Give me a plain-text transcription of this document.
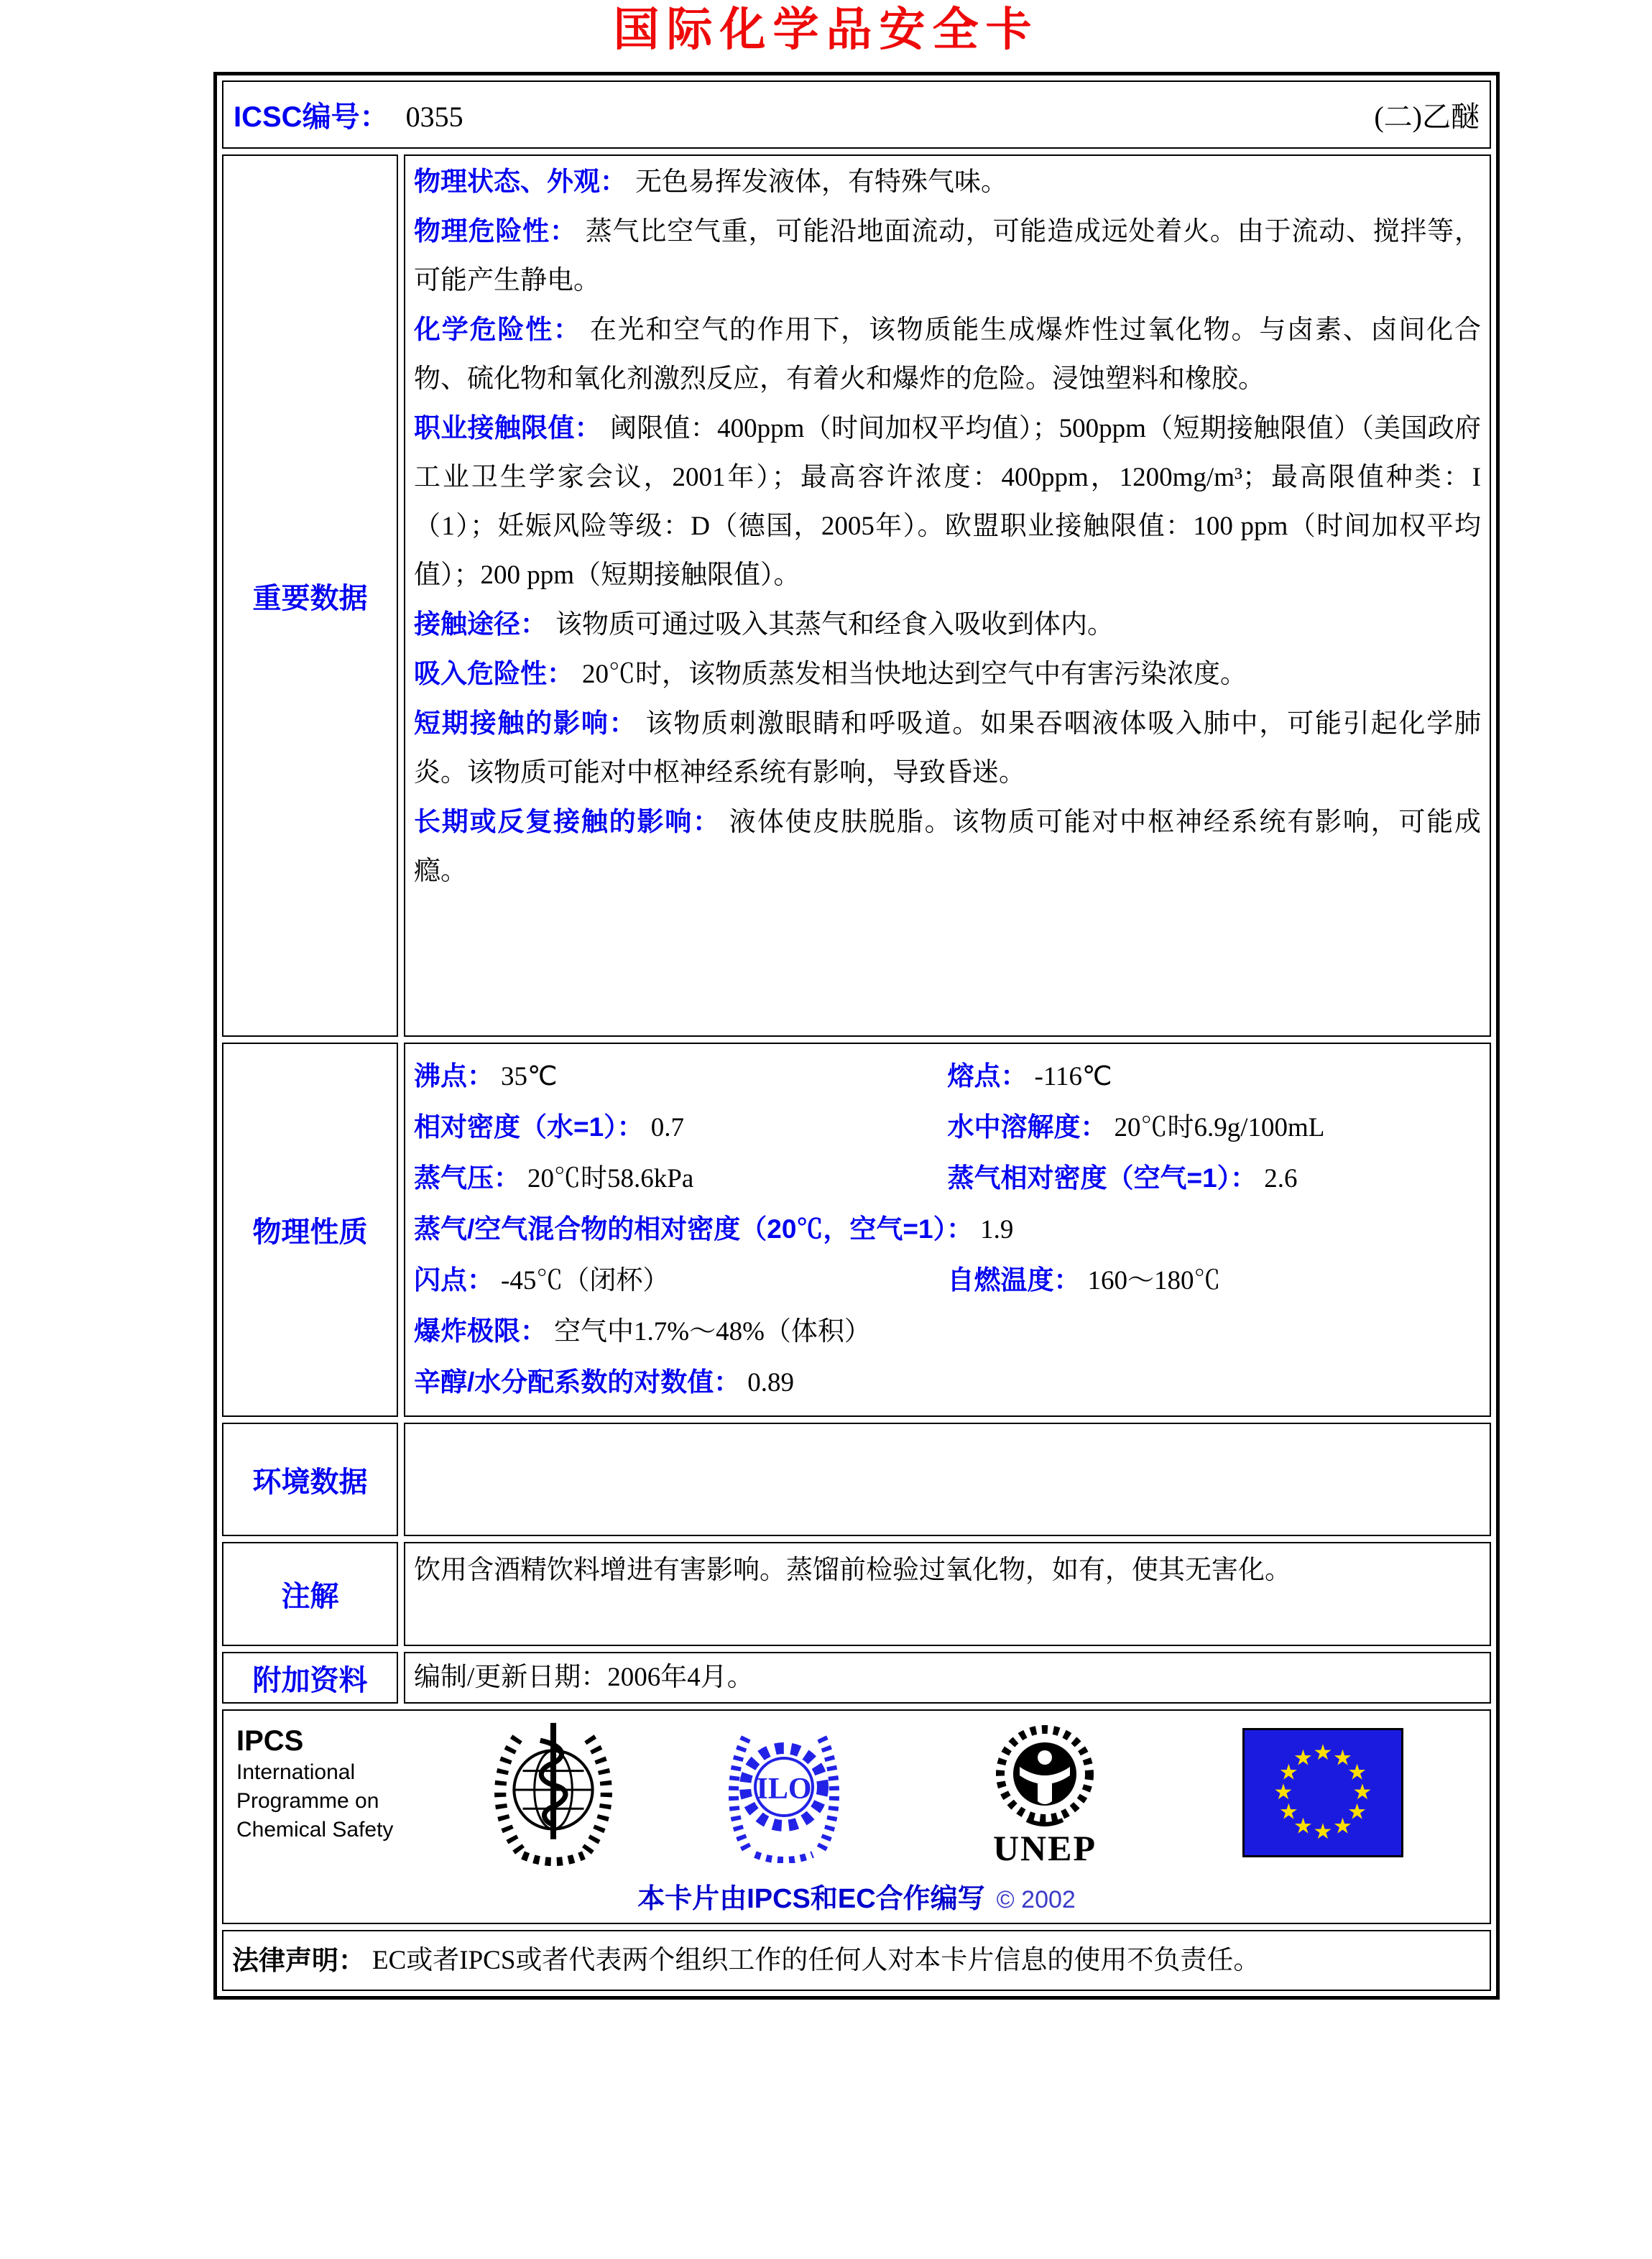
国际化学品安全卡
ICSC编号： 0355	(二)乙醚
重要数据

物理状态、外观： 无色易挥发液体，有特殊气味。

物理危险性： 蒸气比空气重，可能沿地面流动，可能造成远处着火。由于流动、搅拌等，可能产生静电。

化学危险性： 在光和空气的作用下，该物质能生成爆炸性过氧化物。与卤素、卤间化合物、硫化物和氧化剂激烈反应，有着火和爆炸的危险。浸蚀塑料和橡胶。

职业接触限值： 阈限值：400ppm（时间加权平均值）；500ppm（短期接触限值）（美国政府工业卫生学家会议，2001年）；最高容许浓度：400ppm，1200mg/m³；最高限值种类：I（1）；妊娠风险等级：D（德国，2005年）。欧盟职业接触限值：100 ppm（时间加权平均值）；200 ppm（短期接触限值）。

接触途径： 该物质可通过吸入其蒸气和经食入吸收到体内。

吸入危险性： 20℃时，该物质蒸发相当快地达到空气中有害污染浓度。

短期接触的影响： 该物质刺激眼睛和呼吸道。如果吞咽液体吸入肺中，可能引起化学肺炎。该物质可能对中枢神经系统有影响，导致昏迷。

长期或反复接触的影响： 液体使皮肤脱脂。该物质可能对中枢神经系统有影响，可能成瘾。

物理性质
沸点： 35℃	熔点： -116℃
相对密度（水=1）： 0.7	水中溶解度： 20℃时6.9g/100mL
蒸气压： 20℃时58.6kPa	蒸气相对密度（空气=1）： 2.6
蒸气/空气混合物的相对密度（20℃，空气=1）： 1.9
闪点： -45℃（闭杯）	自燃温度： 160～180℃
爆炸极限： 空气中1.7%～48%（体积）
辛醇/水分配系数的对数值： 0.89
环境数据
注解

饮用含酒精饮料增进有害影响。蒸馏前检验过氧化物，如有，使其无害化。

附加资料	编制/更新日期：2006年4月。

IPCS
International
Programme on
Chemical Safety
ILO
UNEP
★ ★
★
★
★
★
★
★
★
★
★
★
本卡片由IPCS和EC合作编写 © 2002
法律声明： EC或者IPCS或者代表两个组织工作的任何人对本卡片信息的使用不负责任。
